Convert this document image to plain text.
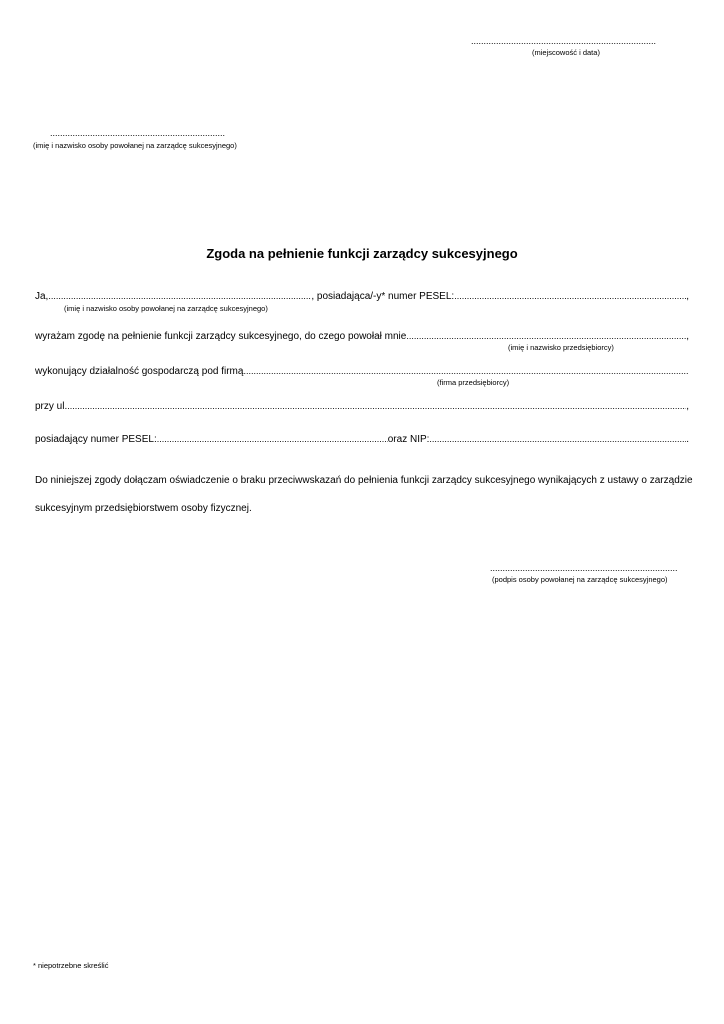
..........................................................................
(miejscowość i data)
......................................................................
(imię i nazwisko osoby powołanej na zarządcę sukcesyjnego)
Zgoda na pełnienie funkcji zarządcy sukcesyjnego
Ja, .....	, posiadająca/-y* numer PESEL: .....	,
(imię i nazwisko osoby powołanej na zarządcę sukcesyjnego)
wyrażam zgodę na pełnienie funkcji zarządcy sukcesyjnego, do czego powołał mnie .....	,
(imię i nazwisko przedsiębiorcy)
wykonujący działalność gospodarczą pod firmą
.....
(firma przedsiębiorcy)
przy ul. .....	,
posiadający numer PESEL: .....	oraz NIP: .....	.
Do niniejszej zgody dołączam oświadczenie o braku przeciwwskazań do pełnienia funkcji zarządcy sukcesyjnego wynikających z ustawy o zarządzie sukcesyjnym przedsiębiorstwem osoby fizycznej.
...........................................................................
(podpis osoby powołanej na zarządcę sukcesyjnego)
* niepotrzebne skreślić
